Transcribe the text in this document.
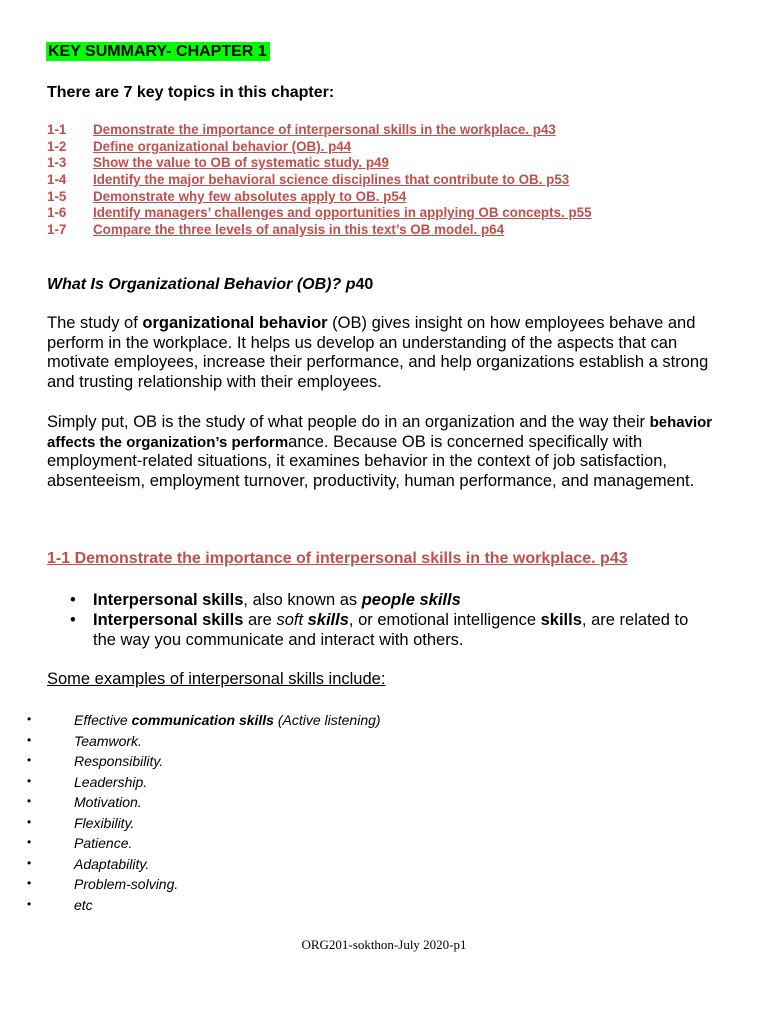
KEY SUMMARY- CHAPTER 1
There are 7 key topics in this chapter:
1-1 Demonstrate the importance of interpersonal skills in the workplace. p43
1-2 Define organizational behavior (OB). p44
1-3 Show the value to OB of systematic study. p49
1-4 Identify the major behavioral science disciplines that contribute to OB. p53
1-5 Demonstrate why few absolutes apply to OB. p54
1-6 Identify managers’ challenges and opportunities in applying OB concepts. p55
1-7 Compare the three levels of analysis in this text’s OB model. p64
What Is Organizational Behavior (OB)? p40
The study of organizational behavior (OB) gives insight on how employees behave and perform in the workplace. It helps us develop an understanding of the aspects that can motivate employees, increase their performance, and help organizations establish a strong and trusting relationship with their employees.
Simply put, OB is the study of what people do in an organization and the way their behavior affects the organization’s performance. Because OB is concerned specifically with employment-related situations, it examines behavior in the context of job satisfaction, absenteeism, employment turnover, productivity, human performance, and management.
1-1 Demonstrate the importance of interpersonal skills in the workplace. p43
• Interpersonal skills, also known as people skills
• Interpersonal skills are soft skills, or emotional intelligence skills, are related to the way you communicate and interact with others.
Some examples of interpersonal skills include:
•	Effective communication skills (Active listening)
•	Teamwork.
•	Responsibility.
•	Leadership.
•	Motivation.
•	Flexibility.
•	Patience.
•	Adaptability.
•	Problem-solving.
•	etc
ORG201-sokthon-July 2020-p1
